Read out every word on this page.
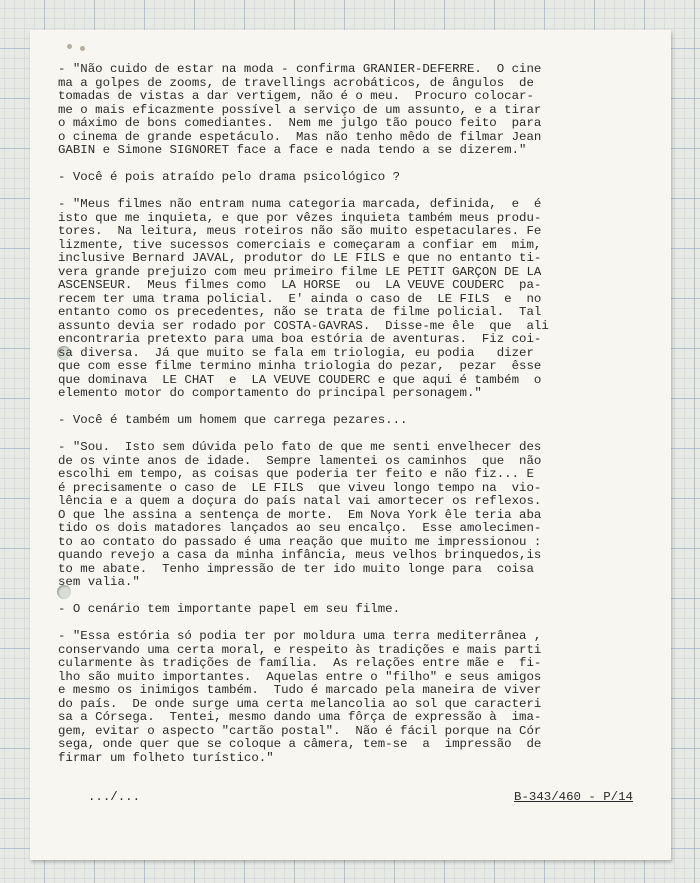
- "Não cuido de estar na moda - confirma GRANIER-DEFERRE.  O cine
ma a golpes de zooms, de travellings acrobáticos, de ângulos  de
tomadas de vistas a dar vertigem, não é o meu.  Procuro colocar-
me o mais eficazmente possível a serviço de um assunto, e a tirar
o máximo de bons comediantes.  Nem me julgo tão pouco feito  para
o cinema de grande espetáculo.  Mas não tenho mêdo de filmar Jean
GABIN e Simone SIGNORET face a face e nada tendo a se dizerem."
- Você é pois atraído pelo drama psicológico ?
- "Meus filmes não entram numa categoria marcada, definida,  e  é
isto que me inquieta, e que por vêzes inquieta também meus produ-
tores.  Na leitura, meus roteiros não são muito espetaculares. Fe
lizmente, tive sucessos comerciais e começaram a confiar em  mim,
inclusive Bernard JAVAL, produtor do LE FILS e que no entanto ti-
vera grande prejuizo com meu primeiro filme LE PETIT GARÇON DE LA
ASCENSEUR.  Meus filmes como  LA HORSE  ou  LA VEUVE COUDERC  pa-
recem ter uma trama policial.  E' ainda o caso de  LE FILS  e  no
entanto como os precedentes, não se trata de filme policial.  Tal
assunto devia ser rodado por COSTA-GAVRAS.  Disse-me êle  que  ali
encontraria pretexto para uma boa estória de aventuras.  Fiz coi-
sa diversa.  Já que muito se fala em triologia, eu podia   dizer
que com esse filme termino minha triologia do pezar,  pezar  êsse
que dominava  LE CHAT  e  LA VEUVE COUDERC e que aqui é também  o
elemento motor do comportamento do principal personagem."
- Você é também um homem que carrega pezares...
- "Sou.  Isto sem dúvida pelo fato de que me senti envelhecer des
de os vinte anos de idade.  Sempre lamentei os caminhos  que  não
escolhi em tempo, as coisas que poderia ter feito e não fiz... E
é precisamente o caso de  LE FILS  que viveu longo tempo na  vio-
lência e a quem a doçura do país natal vai amortecer os reflexos.
O que lhe assina a sentença de morte.  Em Nova York êle teria aba
tido os dois matadores lançados ao seu encalço.  Esse amolecimen-
to ao contato do passado é uma reação que muito me impressionou :
quando revejo a casa da minha infância, meus velhos brinquedos,is
to me abate.  Tenho impressão de ter ido muito longe para  coisa
sem valia."
- O cenário tem importante papel em seu filme.
- "Essa estória só podia ter por moldura uma terra mediterrânea ,
conservando uma certa moral, e respeito às tradições e mais parti
cularmente às tradições de família.  As relações entre mãe e  fi-
lho são muito importantes.  Aquelas entre o "filho" e seus amigos
e mesmo os inimigos também.  Tudo é marcado pela maneira de viver
do país.  De onde surge uma certa melancolia ao sol que caracteri
sa a Córsega.  Tentei, mesmo dando uma fôrça de expressão à  ima-
gem, evitar o aspecto "cartão postal".  Não é fácil porque na Cór
sega, onde quer que se coloque a câmera, tem-se  a  impressão  de
firmar um folheto turístico."
.../...	B-343/460 - P/14
